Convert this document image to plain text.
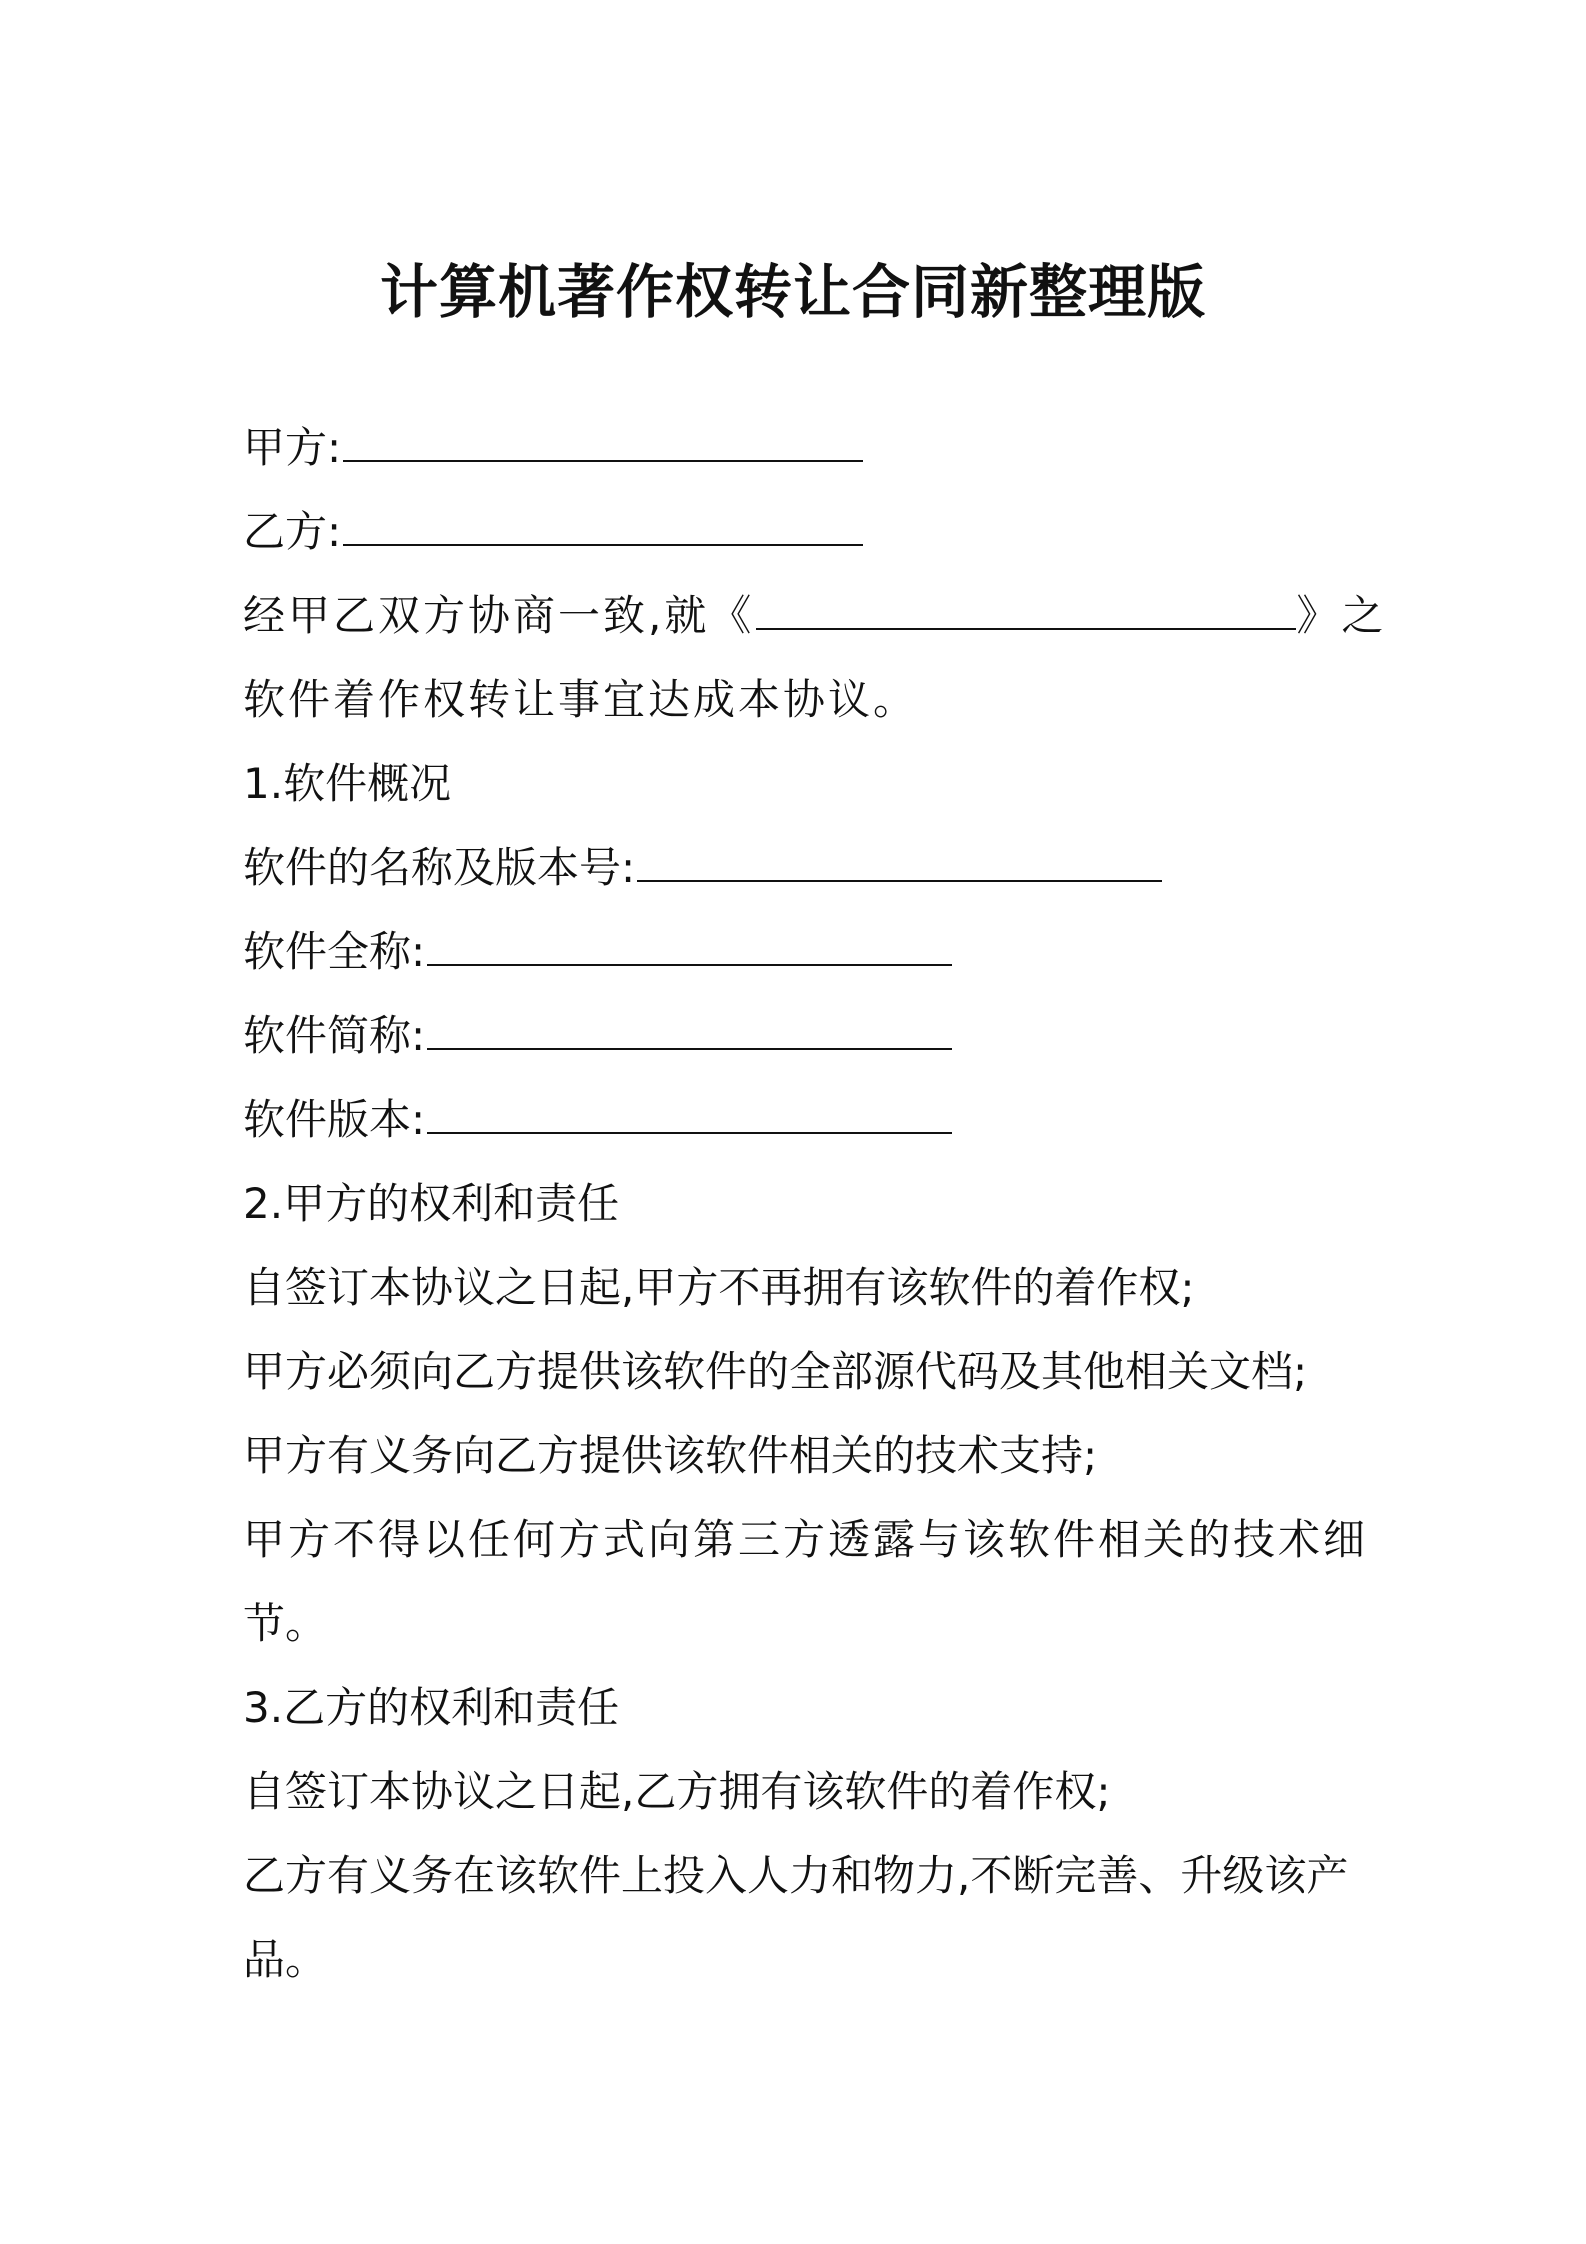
计算机著作权转让合同新整理版
甲方:
乙方:
经甲乙双方协商一致,就《	》之
软件着作权转让事宜达成本协议。
1.软件概况
软件的名称及版本号:
软件全称:
软件简称:
软件版本:
2.甲方的权利和责任
自签订本协议之日起,甲方不再拥有该软件的着作权;
甲方必须向乙方提供该软件的全部源代码及其他相关文档;
甲方有义务向乙方提供该软件相关的技术支持;
甲方不得以任何方式向第三方透露与该软件相关的技术细
节。
3.乙方的权利和责任
自签订本协议之日起,乙方拥有该软件的着作权;
乙方有义务在该软件上投入人力和物力,不断完善、升级该产
品。
